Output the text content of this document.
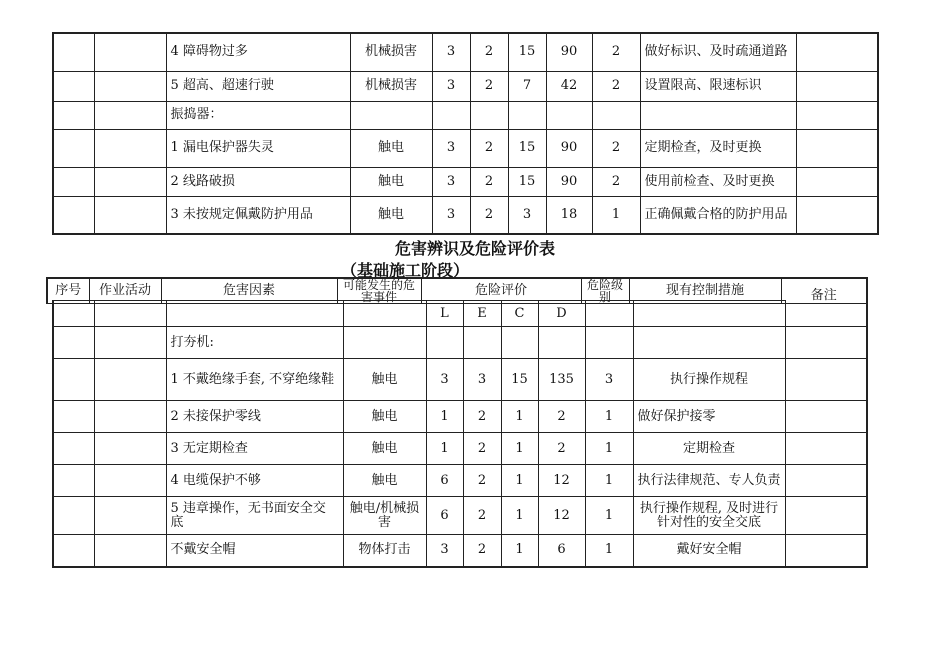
		4 障碍物过多	机械损害	3	2	15	90	2	做好标识、及时疏通道路	
		5 超高、超速行驶	机械损害	3	2	7	42	2	设置限高、限速标识	
		振捣器：								
		1 漏电保护器失灵	触电	3	2	15	90	2	定期检查，及时更换	
		2 线路破损	触电	3	2	15	90	2	使用前检查、及时更换	
		3 未按规定佩戴防护用品	触电	3	2	3	18	1	正确佩戴合格的防护用品	
危害辨识及危险评价表
（基础施工阶段）
序号	作业活动	危害因素	可能发生的危害事件	危险评价	危险级别	现有控制措施	备注
				L	E	C	D			
		打夯机:								
		1 不戴绝缘手套, 不穿绝缘鞋	触电	3	3	15	135	3	执行操作规程	
		2 未接保护零线	触电	1	2	1	2	1	做好保护接零	
		3 无定期检查	触电	1	2	1	2	1	定期检查	
		4 电缆保护不够	触电	6	2	1	12	1	执行法律规范、专人负责	
		5 违章操作，无书面安全交底	触电/机械损害	6	2	1	12	1	执行操作规程, 及时进行针对性的安全交底	
		不戴安全帽	物体打击	3	2	1	6	1	戴好安全帽	
